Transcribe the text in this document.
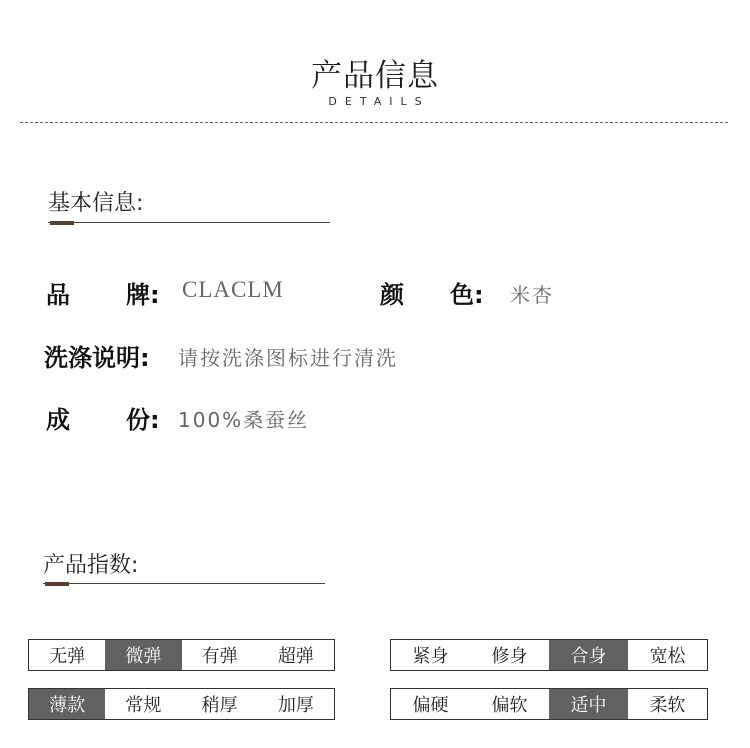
产品信息
DETAILS
基本信息:
品 牌: CLACLM	颜 色: 米杏
洗涤说明: 请按洗涤图标进行清洗
成 份: 100%桑蚕丝
产品指数:
无弹	微弹	有弹	超弹	紧身	修身	合身	宽松
薄款	常规	稍厚	加厚	偏硬	偏软	适中	柔软
